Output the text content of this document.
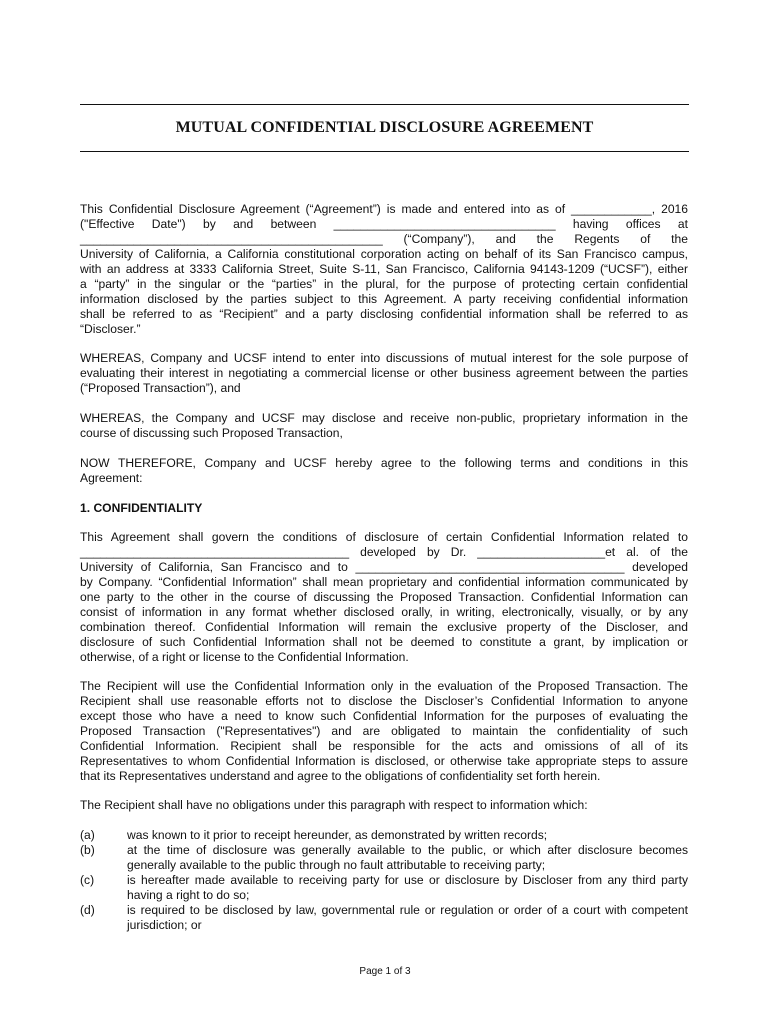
MUTUAL CONFIDENTIAL DISCLOSURE AGREEMENT
This Confidential Disclosure Agreement (“Agreement”) is made and entered into as of ____________, 2016
("Effective Date") by and between _________________________________ having offices at
_____________________________________________ (“Company”), and the Regents of the
University of California, a California constitutional corporation acting on behalf of its San Francisco campus,
with an address at 3333 California Street, Suite S-11, San Francisco, California 94143-1209 (“UCSF”), either
a “party” in the singular or the “parties” in the plural, for the purpose of protecting certain confidential
information disclosed by the parties subject to this Agreement. A party receiving confidential information
shall be referred to as “Recipient” and a party disclosing confidential information shall be referred to as
“Discloser.”
WHEREAS, Company and UCSF intend to enter into discussions of mutual interest for the sole purpose of
evaluating their interest in negotiating a commercial license or other business agreement between the parties
(“Proposed Transaction”), and
WHEREAS, the Company and UCSF may disclose and receive non-public, proprietary information in the
course of discussing such Proposed Transaction,
NOW THEREFORE, Company and UCSF hereby agree to the following terms and conditions in this
Agreement:
1. CONFIDENTIALITY
This Agreement shall govern the conditions of disclosure of certain Confidential Information related to
________________________________________ developed by Dr. ___________________et al. of the
University of California, San Francisco and to ________________________________________ developed
by Company. “Confidential Information” shall mean proprietary and confidential information communicated by
one party to the other in the course of discussing the Proposed Transaction. Confidential Information can
consist of information in any format whether disclosed orally, in writing, electronically, visually, or by any
combination thereof. Confidential Information will remain the exclusive property of the Discloser, and
disclosure of such Confidential Information shall not be deemed to constitute a grant, by implication or
otherwise, of a right or license to the Confidential Information.
The Recipient will use the Confidential Information only in the evaluation of the Proposed Transaction. The
Recipient shall use reasonable efforts not to disclose the Discloser’s Confidential Information to anyone
except those who have a need to know such Confidential Information for the purposes of evaluating the
Proposed Transaction ("Representatives") and are obligated to maintain the confidentiality of such
Confidential Information. Recipient shall be responsible for the acts and omissions of all of its
Representatives to whom Confidential Information is disclosed, or otherwise take appropriate steps to assure
that its Representatives understand and agree to the obligations of confidentiality set forth herein.
The Recipient shall have no obligations under this paragraph with respect to information which:
(a)	was known to it prior to receipt hereunder, as demonstrated by written records;
(b)	at the time of disclosure was generally available to the public, or which after disclosure becomes
generally available to the public through no fault attributable to receiving party;
(c)	is hereafter made available to receiving party for use or disclosure by Discloser from any third party
having a right to do so;
(d)	is required to be disclosed by law, governmental rule or regulation or order of a court with competent
jurisdiction; or
Page 1 of 3
